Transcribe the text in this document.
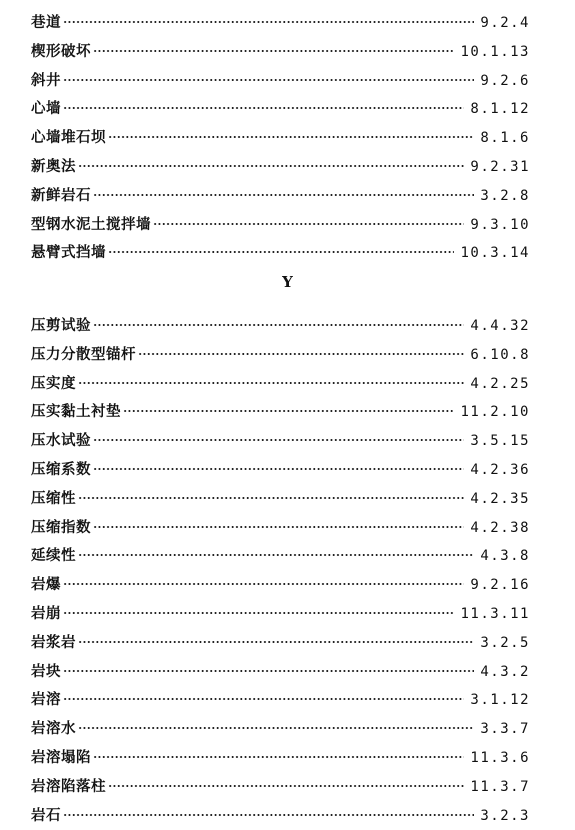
巷道	9.2.4
楔形破坏	10.1.13
斜井	9.2.6
心墙	8.1.12
心墙堆石坝	8.1.6
新奥法	9.2.31
新鲜岩石	3.2.8
型钢水泥土搅拌墙	9.3.10
悬臂式挡墙	10.3.14
Y
压剪试验	4.4.32
压力分散型锚杆	6.10.8
压实度	4.2.25
压实黏土衬垫	11.2.10
压水试验	3.5.15
压缩系数	4.2.36
压缩性	4.2.35
压缩指数	4.2.38
延续性	4.3.8
岩爆	9.2.16
岩崩	11.3.11
岩浆岩	3.2.5
岩块	4.3.2
岩溶	3.1.12
岩溶水	3.3.7
岩溶塌陷	11.3.6
岩溶陷落柱	11.3.7
岩石	3.2.3
